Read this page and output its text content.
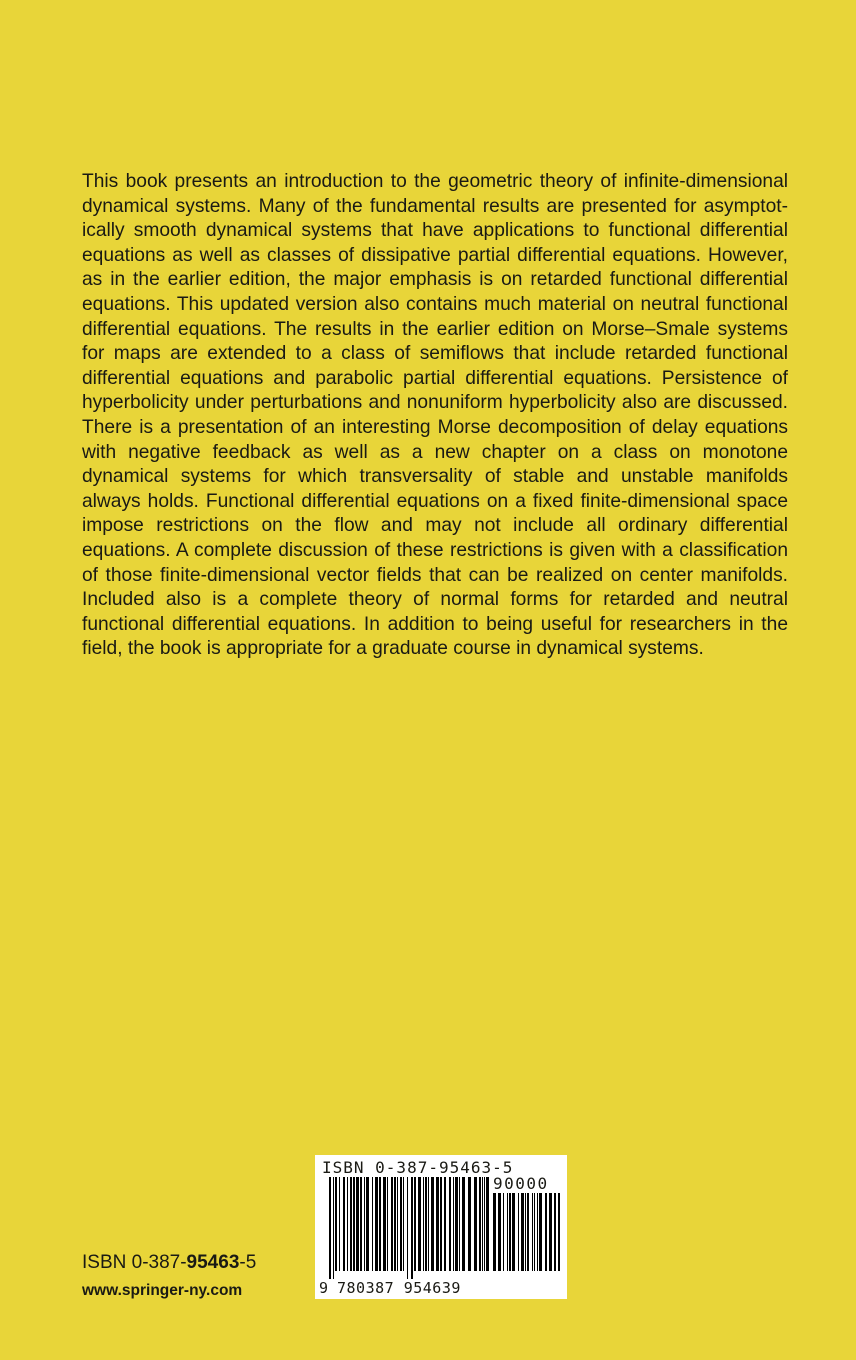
This book presents an introduction to the geometric theory of infinite-dimensional dynamical systems. Many of the fundamental results are presented for asymptot-ically smooth dynamical systems that have applications to functional differential equations as well as classes of dissipative partial differential equations. However, as in the earlier edition, the major emphasis is on retarded functional differential equations. This updated version also contains much material on neutral functional differential equations. The results in the earlier edition on Morse–Smale systems for maps are extended to a class of semiflows that include retarded functional differential equations and parabolic partial differential equations. Persistence of hyperbolicity under perturbations and nonuniform hyperbolicity also are discussed. There is a presentation of an interesting Morse decomposition of delay equations with negative feedback as well as a new chapter on a class on monotone dynamical systems for which transversality of stable and unstable manifolds always holds. Functional differential equations on a fixed finite-dimensional space impose restrictions on the flow and may not include all ordinary differential equations. A complete discussion of these restrictions is given with a classification of those finite-dimensional vector fields that can be realized on center manifolds. Included also is a complete theory of normal forms for retarded and neutral functional differential equations. In addition to being useful for researchers in the field, the book is appropriate for a graduate course in dynamical systems.

ISBN 0-387-95463-5
www.springer-ny.com
ISBN 0-387-95463-5
90000
9 780387 954639
